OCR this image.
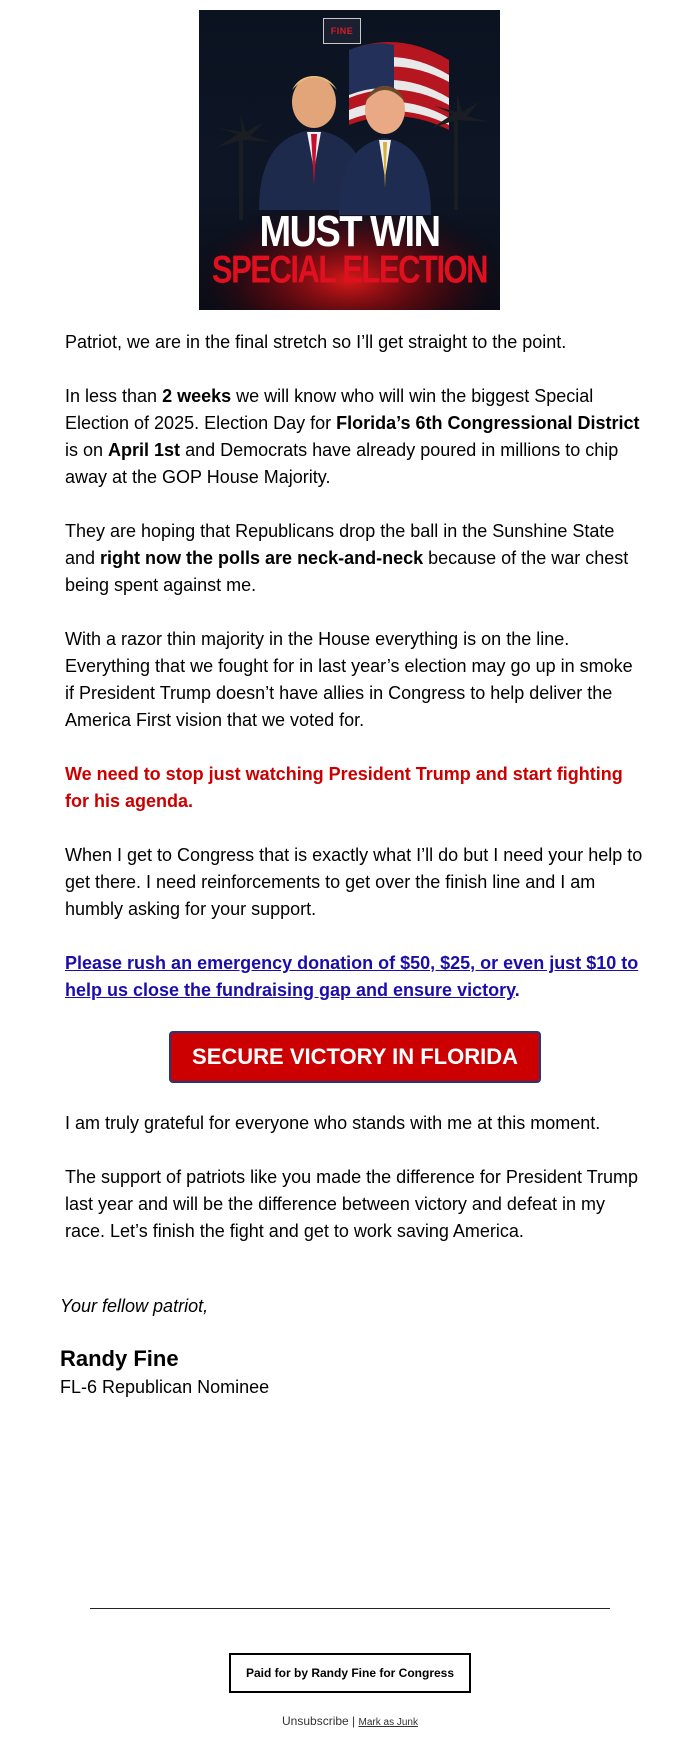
FINE
MUST WIN
SPECIAL ELECTION

Patriot, we are in the final stretch so I’ll get straight to the point.

In less than 2 weeks we will know who will win the biggest Special Election of 2025. Election Day for Florida’s 6th Congressional District is on April 1st and Democrats have already poured in millions to chip away at the GOP House Majority.

They are hoping that Republicans drop the ball in the Sunshine State and right now the polls are neck-and-neck because of the war chest being spent against me.

With a razor thin majority in the House everything is on the line. Everything that we fought for in last year’s election may go up in smoke if President Trump doesn’t have allies in Congress to help deliver the America First vision that we voted for.

We need to stop just watching President Trump and start fighting for his agenda.

When I get to Congress that is exactly what I’ll do but I need your help to get there. I need reinforcements to get over the finish line and I am humbly asking for your support.

Please rush an emergency donation of $50, $25, or even just $10 to help us close the fundraising gap and ensure victory.

SECURE VICTORY IN FLORIDA

I am truly grateful for everyone who stands with me at this moment.

The support of patriots like you made the difference for President Trump last year and will be the difference between victory and defeat in my race. Let’s finish the fight and get to work saving America.

Your fellow patriot,
Randy Fine
FL-6 Republican Nominee
Paid for by Randy Fine for Congress
Unsubscribe | Mark as Junk
